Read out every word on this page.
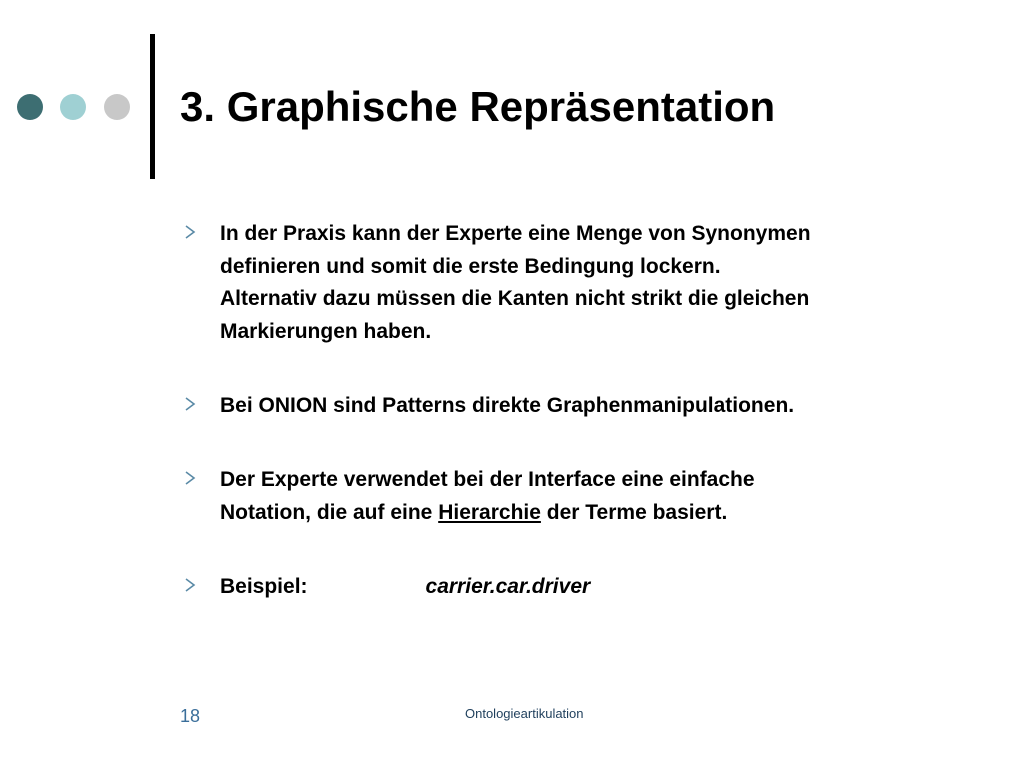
3. Graphische Repräsentation
In der Praxis kann der Experte eine Menge von Synonymen
definieren und somit die erste Bedingung lockern.
Alternativ dazu müssen die Kanten nicht strikt die gleichen
Markierungen haben.
Bei ONION sind Patterns direkte Graphenmanipulationen.
Der Experte verwendet bei der Interface eine einfache
Notation, die auf eine Hierarchie der Terme basiert.
Beispiel:	carrier.car.driver
18	Ontologieartikulation
